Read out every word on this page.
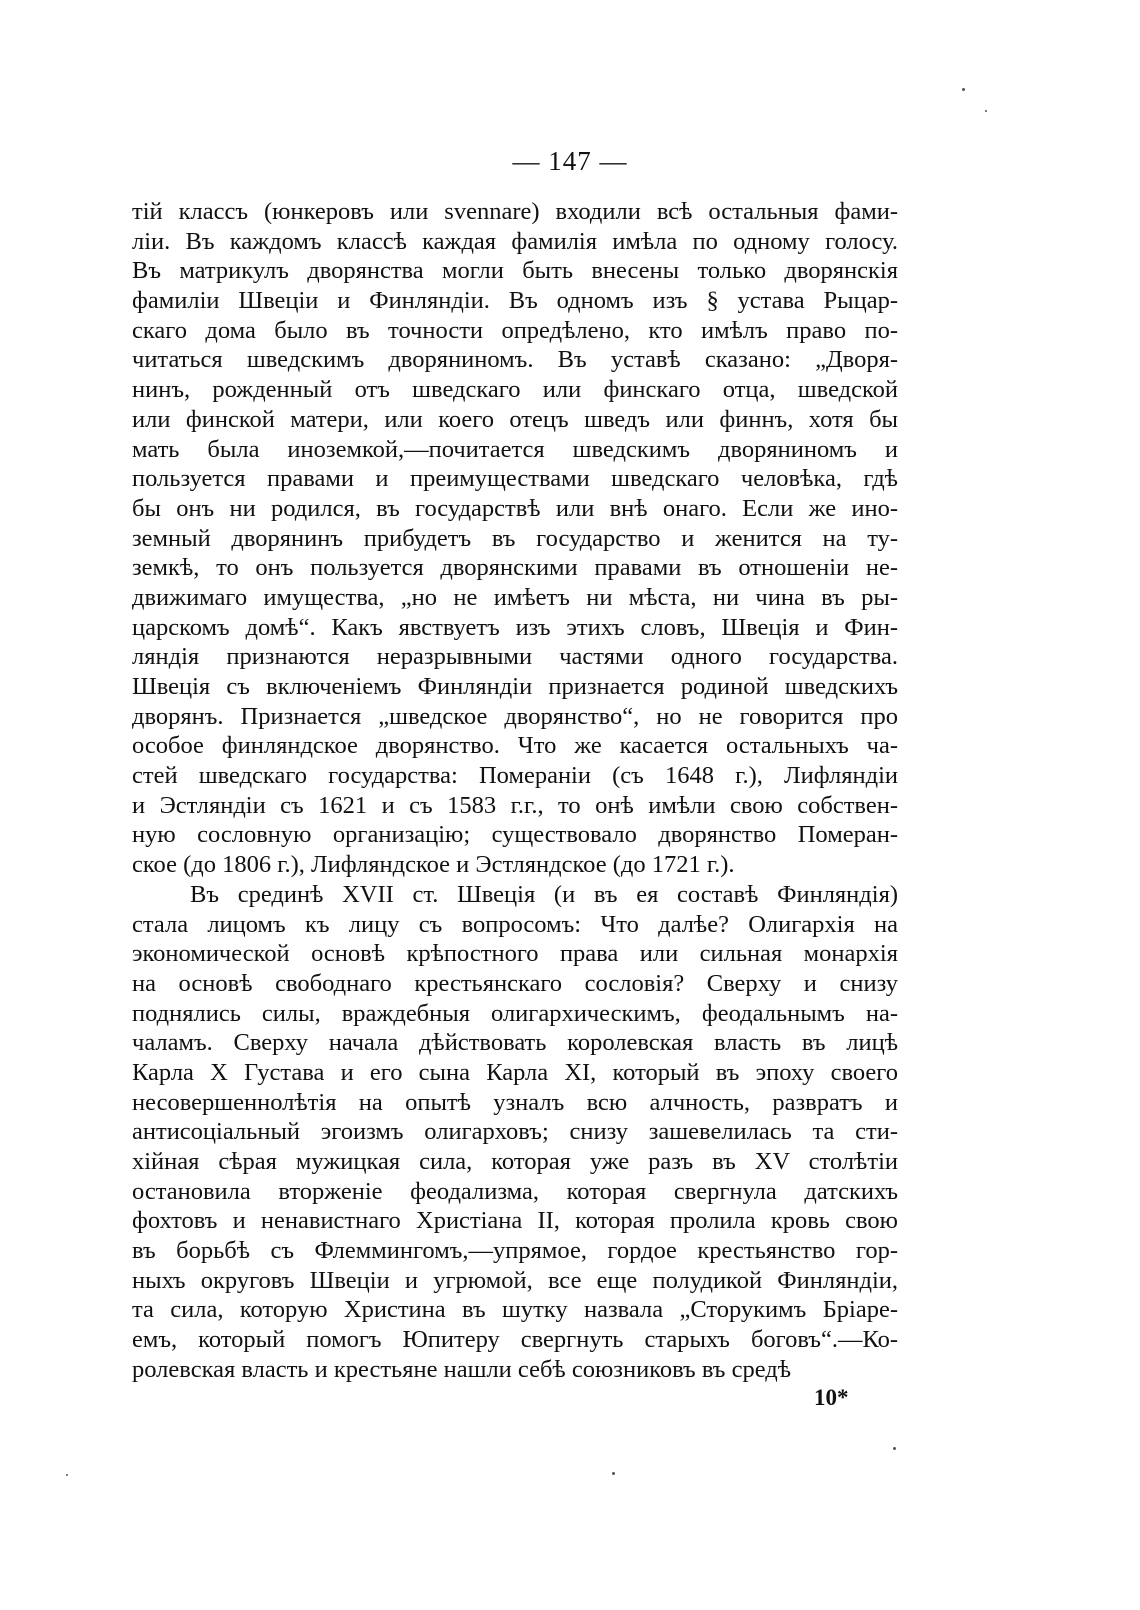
— 147 —
тій классъ (юнкеровъ или svennare) входили всѣ остальныя фами-
ліи. Въ каждомъ классѣ каждая фамилія имѣла по одному голосу.
Въ матрикулъ дворянства могли быть внесены только дворянскія
фамиліи Швеціи и Финляндіи. Въ одномъ изъ § устава Рыцар-
скаго дома было въ точности опредѣлено, кто имѣлъ право по-
читаться шведскимъ дворяниномъ. Въ уставѣ сказано: „Дворя-
нинъ, рожденный отъ шведскаго или финскаго отца, шведской
или финской матери, или коего отецъ шведъ или финнъ, хотя бы
мать была иноземкой,—почитается шведскимъ дворяниномъ и
пользуется правами и преимуществами шведскаго человѣка, гдѣ
бы онъ ни родился, въ государствѣ или внѣ онаго. Если же ино-
земный дворянинъ прибудетъ въ государство и женится на ту-
земкѣ, то онъ пользуется дворянскими правами въ отношеніи не-
движимаго имущества, „но не имѣетъ ни мѣста, ни чина въ ры-
царскомъ домѣ“. Какъ явствуетъ изъ этихъ словъ, Швеція и Фин-
ляндія признаются неразрывными частями одного государства.
Швеція съ включеніемъ Финляндіи признается родиной шведскихъ
дворянъ. Признается „шведское дворянство“, но не говорится про
особое финляндское дворянство. Что же касается остальныхъ ча-
стей шведскаго государства: Помераніи (съ 1648 г.), Лифляндіи
и Эстляндіи съ 1621 и съ 1583 г.г., то онѣ имѣли свою собствен-
ную сословную организацію; существовало дворянство Померан-
ское (до 1806 г.), Лифляндское и Эстляндское (до 1721 г.).
Въ срединѣ XVII ст. Швеція (и въ ея составѣ Финляндія)
стала лицомъ къ лицу съ вопросомъ: Что далѣе? Олигархія на
экономической основѣ крѣпостного права или сильная монархія
на основѣ свободнаго крестьянскаго сословія? Сверху и снизу
поднялись силы, враждебныя олигархическимъ, феодальнымъ на-
чаламъ. Сверху начала дѣйствовать королевская власть въ лицѣ
Карла X Густава и его сына Карла XI, который въ эпоху своего
несовершеннолѣтія на опытѣ узналъ всю алчность, развратъ и
антисоціальный эгоизмъ олигарховъ; снизу зашевелилась та сти-
хійная сѣрая мужицкая сила, которая уже разъ въ XV столѣтіи
остановила вторженіе феодализма, которая свергнула датскихъ
фохтовъ и ненавистнаго Христіана II, которая пролила кровь свою
въ борьбѣ съ Флеммингомъ,—упрямое, гордое крестьянство гор-
ныхъ округовъ Швеціи и угрюмой, все еще полудикой Финляндіи,
та сила, которую Христина въ шутку назвала „Сторукимъ Бріаре-
емъ, который помогъ Юпитеру свергнуть старыхъ боговъ“.—Ко-
ролевская власть и крестьяне нашли себѣ союзниковъ въ средѣ
10*
